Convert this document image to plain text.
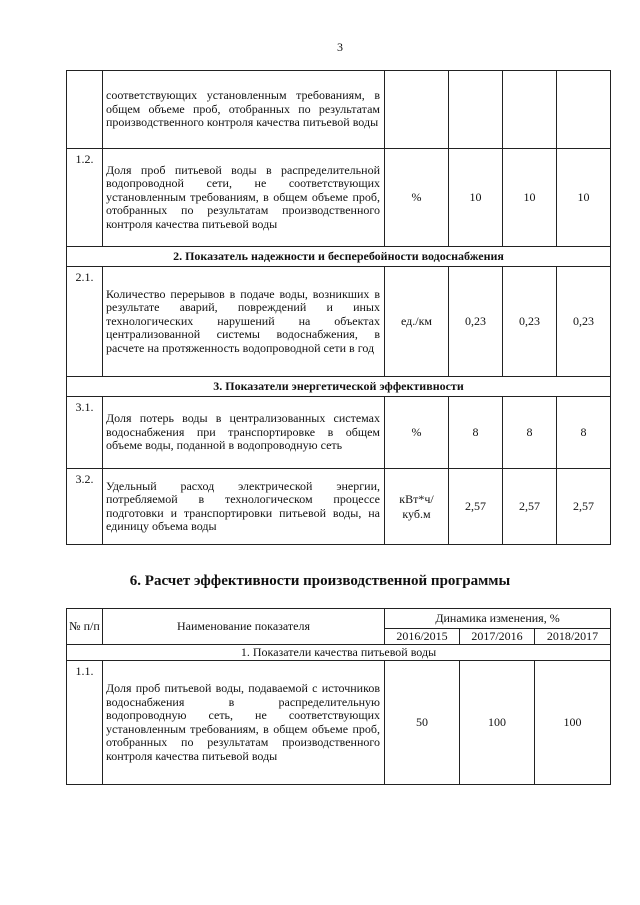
3
	соответствующих установленным требованиям, в общем объеме проб, отобранных по результатам производственного контроля качества питьевой воды				
1.2.	Доля проб питьевой воды в распределительной водопроводной сети, не соответствующих установленным требованиям, в общем объеме проб, отобранных по результатам производственного контроля качества питьевой воды	%	10	10	10
2. Показатель надежности и бесперебойности водоснабжения					
2.1.	Количество перерывов в подаче воды, возникших в результате аварий, повреждений и иных технологических нарушений на объектах централизованной системы водоснабжения, в расчете на протяженность водопроводной сети в год	ед./км	0,23	0,23	0,23
3. Показатели энергетической эффективности					
3.1.	Доля потерь воды в централизованных системах водоснабжения при транспортировке в общем объеме воды, поданной в водопроводную сеть	%	8	8	8
3.2.	Удельный расход электрической энергии, потребляемой в технологическом процессе подготовки и транспортировки питьевой воды, на единицу объема воды	кВт*ч/ куб.м	2,57	2,57	2,57
6. Расчет эффективности производственной программы
№ п/п	Наименование показателя	Динамика изменения, %		
		2016/2015	2017/2016	2018/2017
1. Показатели качества питьевой воды				
1.1.	Доля проб питьевой воды, подаваемой с источников водоснабжения в распределительную водопроводную сеть, не соответствующих установленным требованиям, в общем объеме проб, отобранных по результатам производственного контроля качества питьевой воды	50	100	100
